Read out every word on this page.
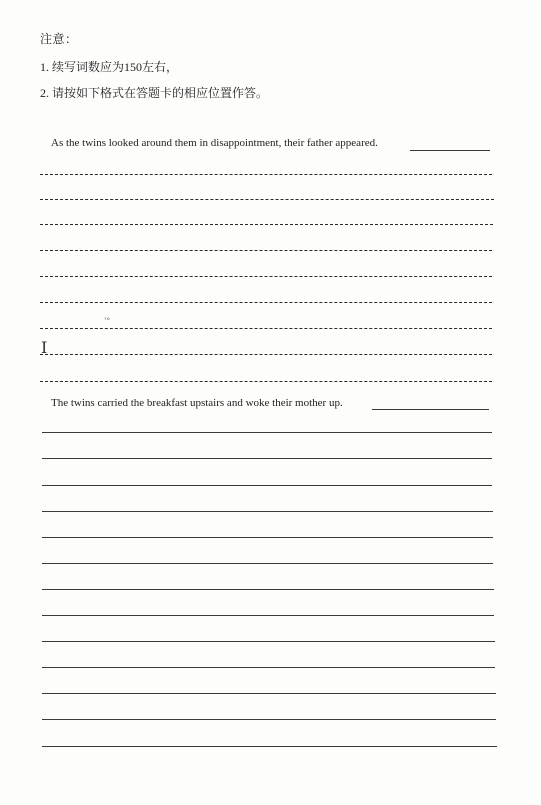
注意：
1. 续写词数应为150左右，
2. 请按如下格式在答题卡的相应位置作答。
As the twins looked around them in disappointment, their father appeared.
I
’°
The twins carried the breakfast upstairs and woke their mother up.
